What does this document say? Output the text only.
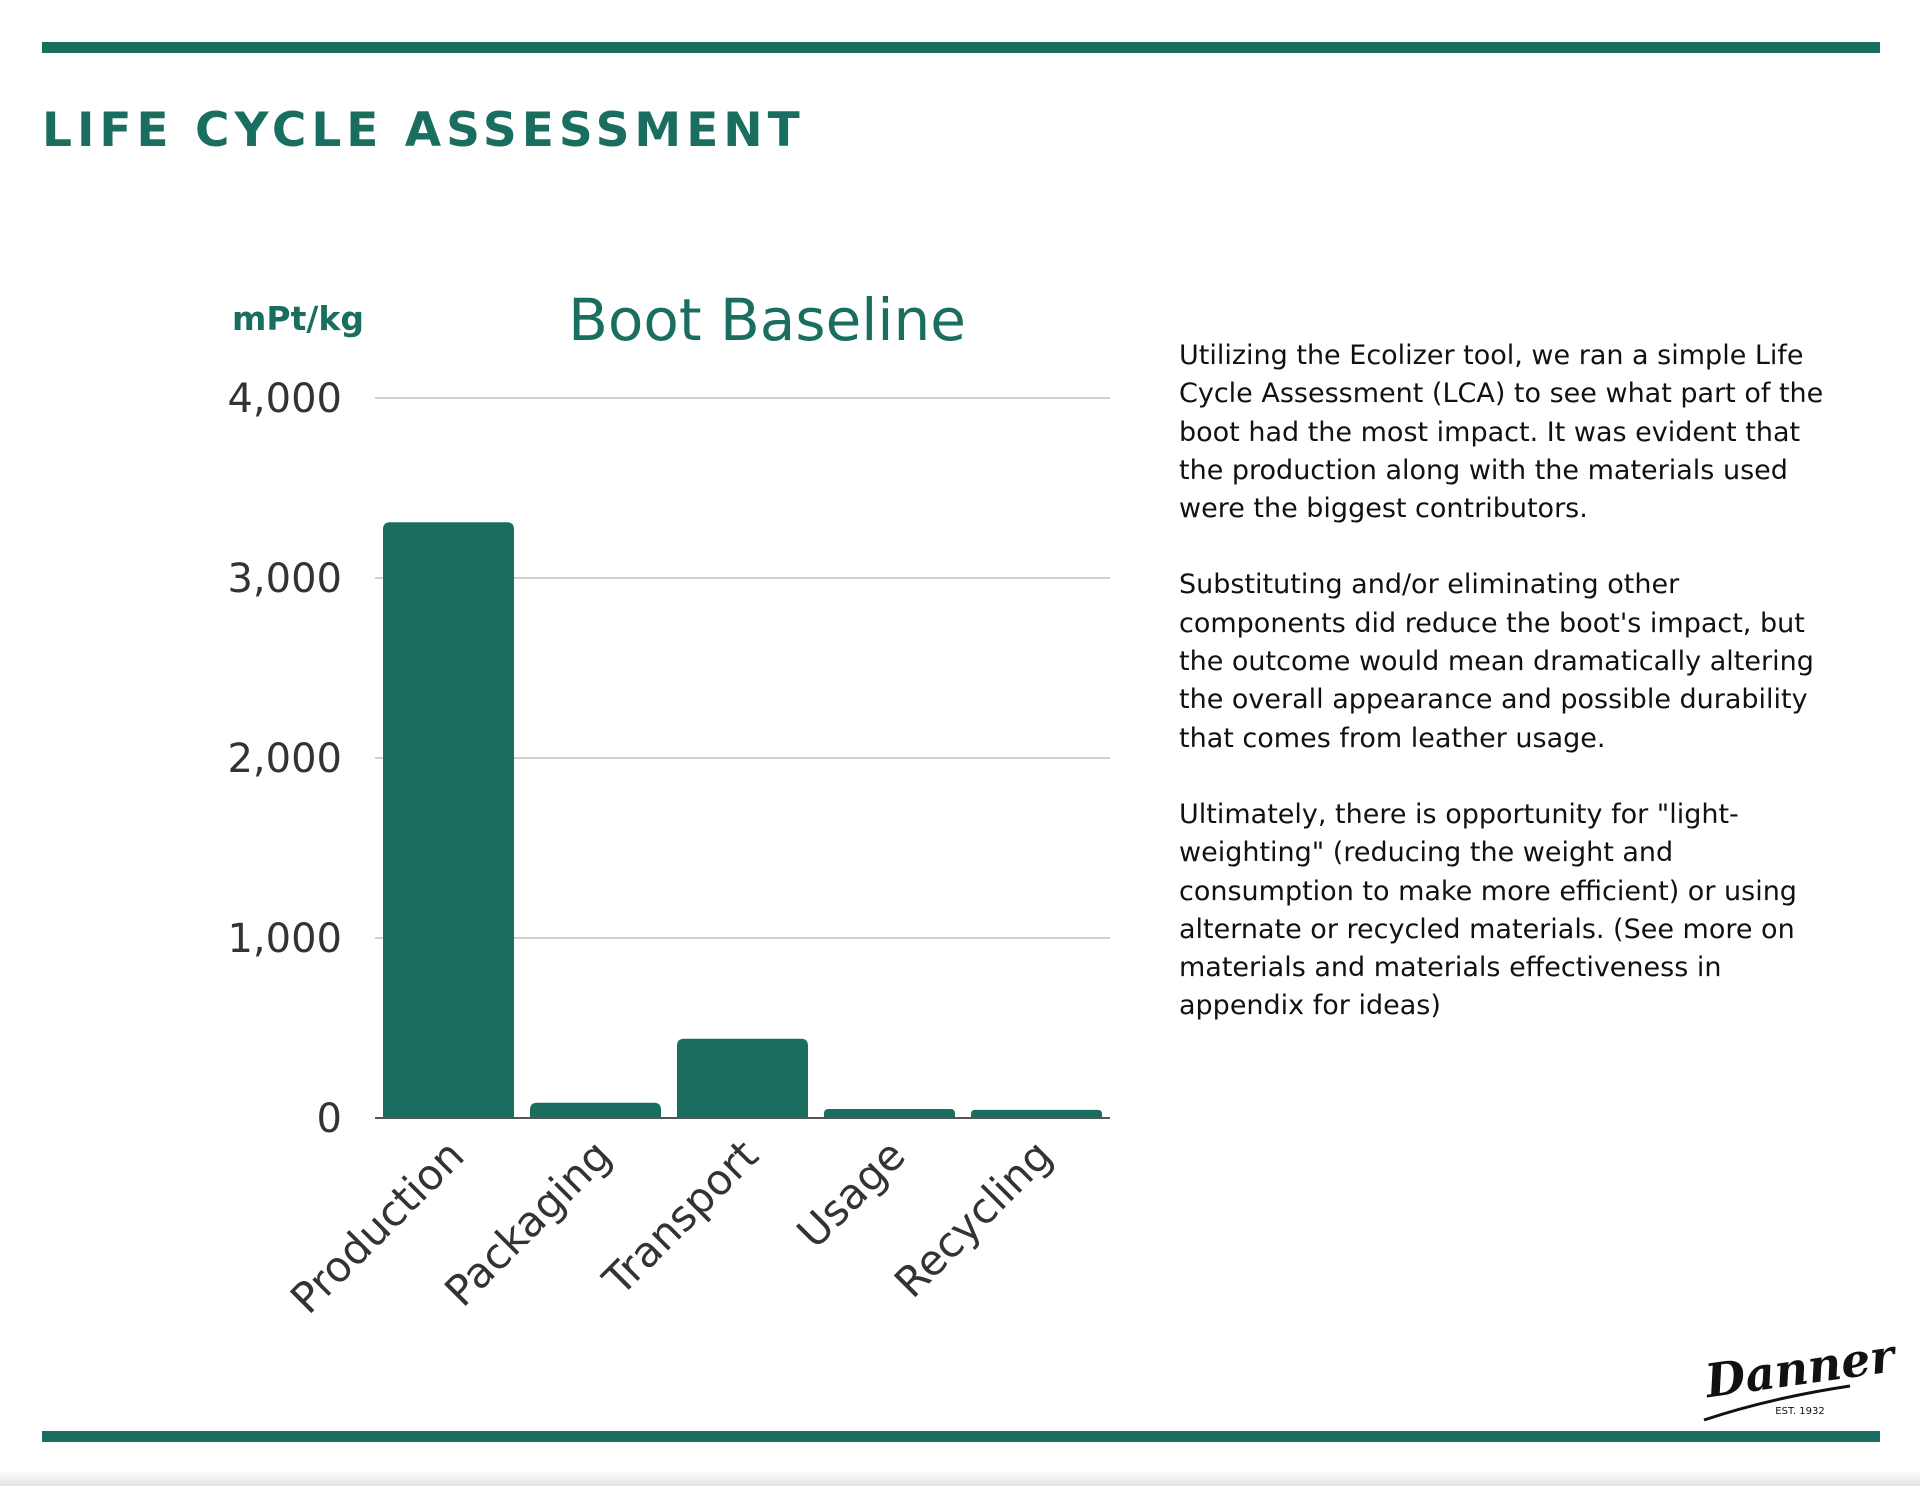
LIFE CYCLE ASSESSMENT
mPt/kg	Boot Baseline
0
1,000
2,000
3,000
4,000
Production
Packaging
Transport Usage
Recycling

Utilizing the Ecolizer tool, we ran a simple Life Cycle Assessment (LCA) to see what part of the boot had the most impact. It was evident that the production along with the materials used were the biggest contributors.

Substituting and/or eliminating other components did reduce the boot's impact, but the outcome would mean dramatically altering the overall appearance and possible durability that comes from leather usage.

Ultimately, there is opportunity for "light-weighting" (reducing the weight and consumption to make more efficient) or using alternate or recycled materials. (See more on materials and materials effectiveness in appendix for ideas)

Danner
EST. 1932
